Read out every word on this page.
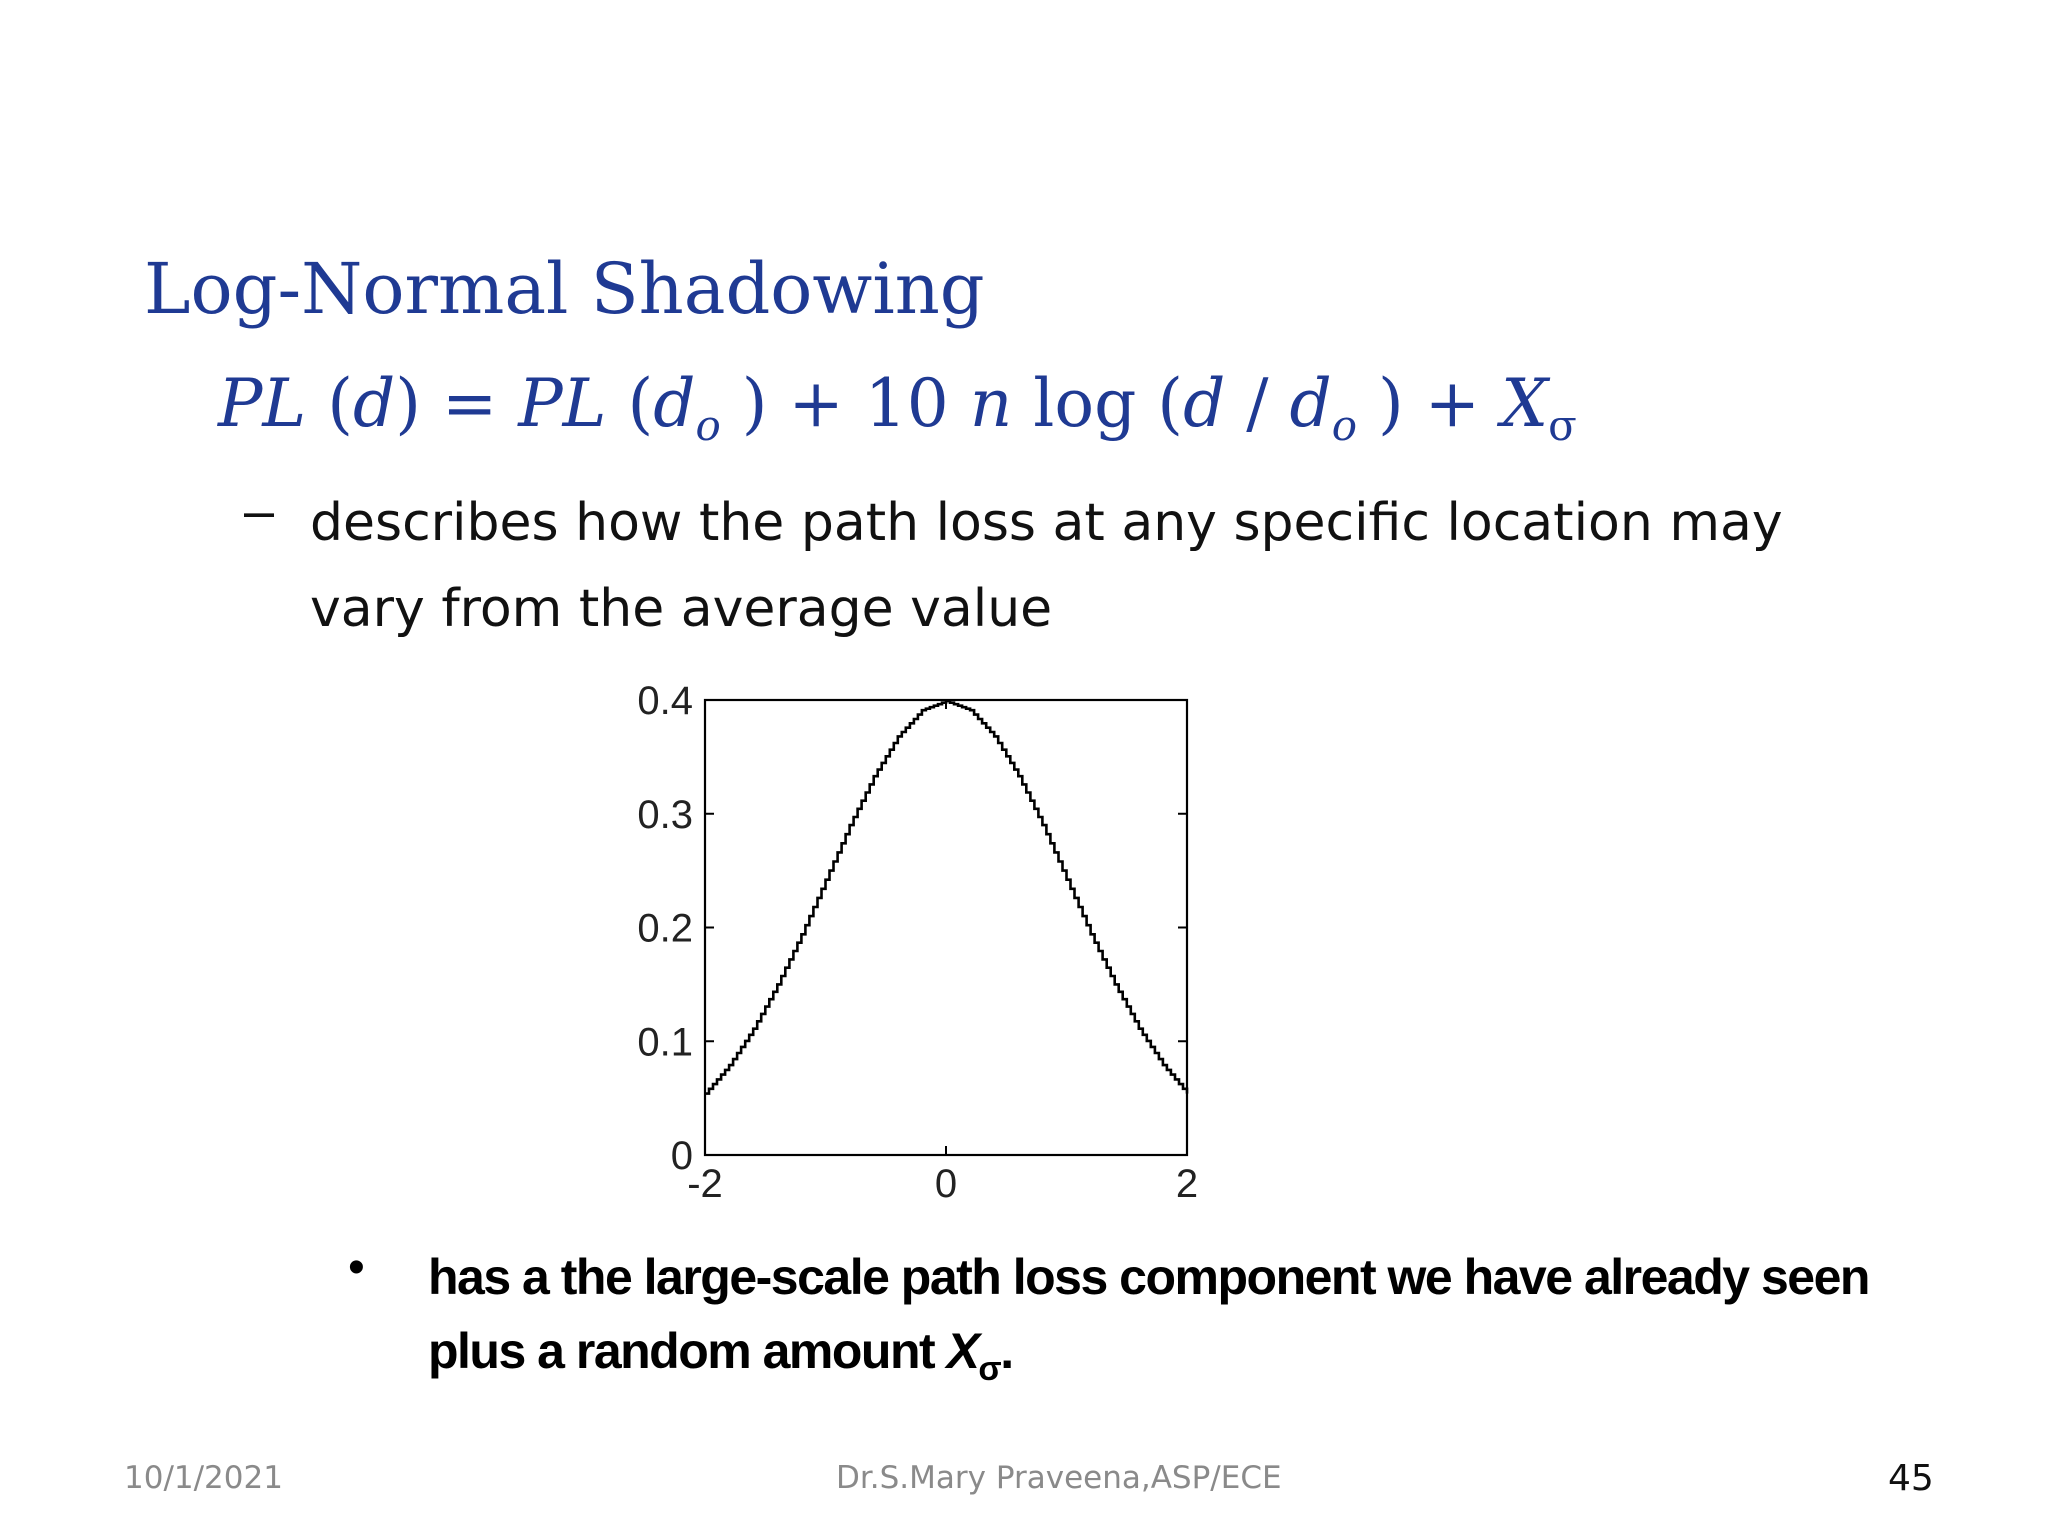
Log-Normal Shadowing
PL (d) = PL ($d_o$ ) + 10 n $\log (d / d_o$ ) + $X_\sigma$
– describes how the path loss at any specific location may vary from the average value
0
0.1
0.2
0.3
0.4
-2	0	2
• has a the large-scale path loss component we have already seen plus a random amount $X_\sigma$.
10/1/2021	Dr.S.Mary Praveena,ASP/ECE	45
